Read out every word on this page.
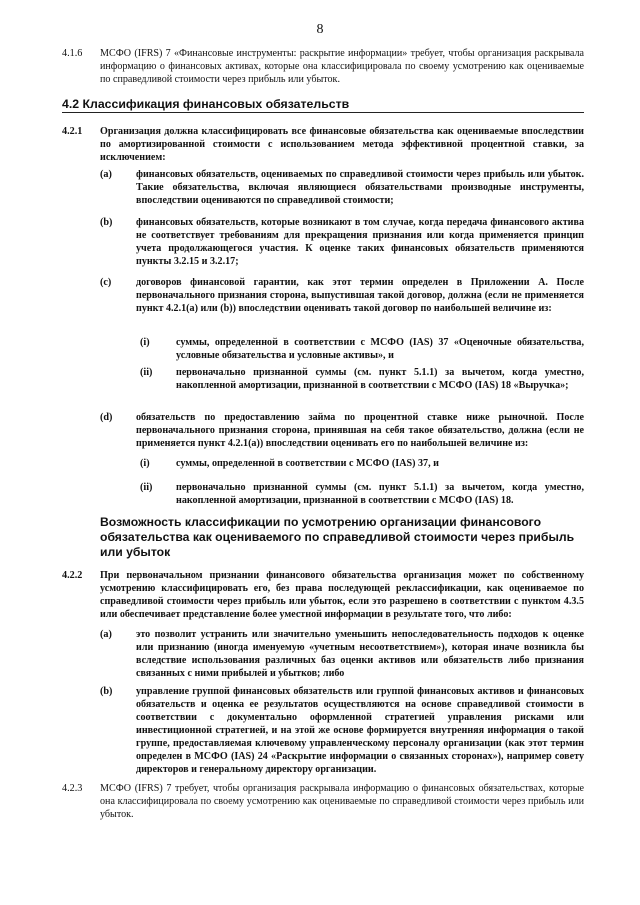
8
4.1.6 МСФО (IFRS) 7 «Финансовые инструменты: раскрытие информации» требует, чтобы организация раскрывала информацию о финансовых активах, которые она классифицировала по своему усмотрению как оцениваемые по справедливой стоимости через прибыль или убыток.
4.2 Классификация финансовых обязательств
4.2.1 Организация должна классифицировать все финансовые обязательства как оцениваемые впоследствии по амортизированной стоимости с использованием метода эффективной процентной ставки, за исключением:
(а) финансовых обязательств, оцениваемых по справедливой стоимости через прибыль или убыток. Такие обязательства, включая являющиеся обязательствами производные инструменты, впоследствии оцениваются по справедливой стоимости;
(b) финансовых обязательств, которые возникают в том случае, когда передача финансового актива не соответствует требованиям для прекращения признания или когда применяется принцип учета продолжающегося участия. К оценке таких финансовых обязательств применяются пункты 3.2.15 и 3.2.17;
(с) договоров финансовой гарантии, как этот термин определен в Приложении А. После первоначального признания сторона, выпустившая такой договор, должна (если не применяется пункт 4.2.1(а) или (b)) впоследствии оценивать такой договор по наибольшей величине из:
(i)	суммы, определенной в соответствии с МСФО (IAS) 37 «Оценочные обязательства, условные обязательства и условные активы», и
(ii) первоначально признанной суммы (см. пункт 5.1.1) за вычетом, когда уместно, накопленной амортизации, признанной в соответствии с МСФО (IAS) 18 «Выручка»;
(d) обязательств по предоставлению займа по процентной ставке ниже рыночной. После первоначального признания сторона, принявшая на себя такое обязательство, должна (если не применяется пункт 4.2.1(а)) впоследствии оценивать его по наибольшей величине из:
(i)	суммы, определенной в соответствии с МСФО (IAS) 37, и
(ii) первоначально признанной суммы (см. пункт 5.1.1) за вычетом, когда уместно, накопленной амортизации, признанной в соответствии с МСФО (IAS) 18.
Возможность классификации по усмотрению организации финансового обязательства как оцениваемого по справедливой стоимости через прибыль или убыток
4.2.2 При первоначальном признании финансового обязательства организация может по собственному усмотрению классифицировать его, без права последующей реклассификации, как оцениваемое по справедливой стоимости через прибыль или убыток, если это разрешено в соответствии с пунктом 4.3.5 или обеспечивает представление более уместной информации в результате того, что либо:
(а) это позволит устранить или значительно уменьшить непоследовательность подходов к оценке или признанию (иногда именуемую «учетным несоответствием»), которая иначе возникла бы вследствие использования различных баз оценки активов или обязательств либо признания связанных с ними прибылей и убытков; либо
(b) управление группой финансовых обязательств или группой финансовых активов и финансовых обязательств и оценка ее результатов осуществляются на основе справедливой стоимости в соответствии с документально оформленной стратегией управления рисками или инвестиционной стратегией, и на этой же основе формируется внутренняя информация о такой группе, предоставляемая ключевому управленческому персоналу организации (как этот термин определен в МСФО (IAS) 24 «Раскрытие информации о связанных сторонах»), например совету директоров и генеральному директору организации.
4.2.3 МСФО (IFRS) 7 требует, чтобы организация раскрывала информацию о финансовых обязательствах, которые она классифицировала по своему усмотрению как оцениваемые по справедливой стоимости через прибыль или убыток.
